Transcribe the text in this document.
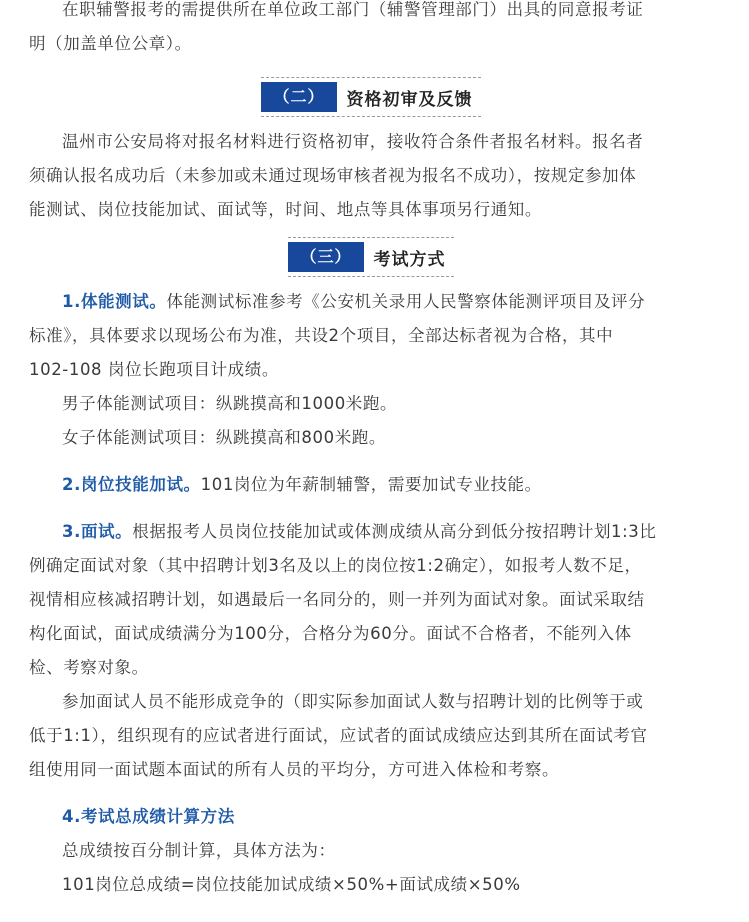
在职辅警报考的需提供所在单位政工部门（辅警管理部门）出具的同意报考证

明（加盖单位公章）。

（二）	资格初审及反馈

温州市公安局将对报名材料进行资格初审，接收符合条件者报名材料。报名者

须确认报名成功后（未参加或未通过现场审核者视为报名不成功），按规定参加体

能测试、岗位技能加试、面试等，时间、地点等具体事项另行通知。

（三）	考试方式

1.体能测试。体能测试标准参考《公安机关录用人民警察体能测评项目及评分

标准》，具体要求以现场公布为准，共设2个项目，全部达标者视为合格，其中

102-108 岗位长跑项目计成绩。

男子体能测试项目：纵跳摸高和1000米跑。

女子体能测试项目：纵跳摸高和800米跑。

2.岗位技能加试。101岗位为年薪制辅警，需要加试专业技能。

3.面试。根据报考人员岗位技能加试或体测成绩从高分到低分按招聘计划1:3比

例确定面试对象（其中招聘计划3名及以上的岗位按1:2确定），如报考人数不足，

视情相应核减招聘计划，如遇最后一名同分的，则一并列为面试对象。面试采取结

构化面试，面试成绩满分为100分，合格分为60分。面试不合格者，不能列入体

检、考察对象。

参加面试人员不能形成竞争的（即实际参加面试人数与招聘计划的比例等于或

低于1:1），组织现有的应试者进行面试，应试者的面试成绩应达到其所在面试考官

组使用同一面试题本面试的所有人员的平均分，方可进入体检和考察。

4.考试总成绩计算方法

总成绩按百分制计算，具体方法为：

101岗位总成绩=岗位技能加试成绩×50%+面试成绩×50%
